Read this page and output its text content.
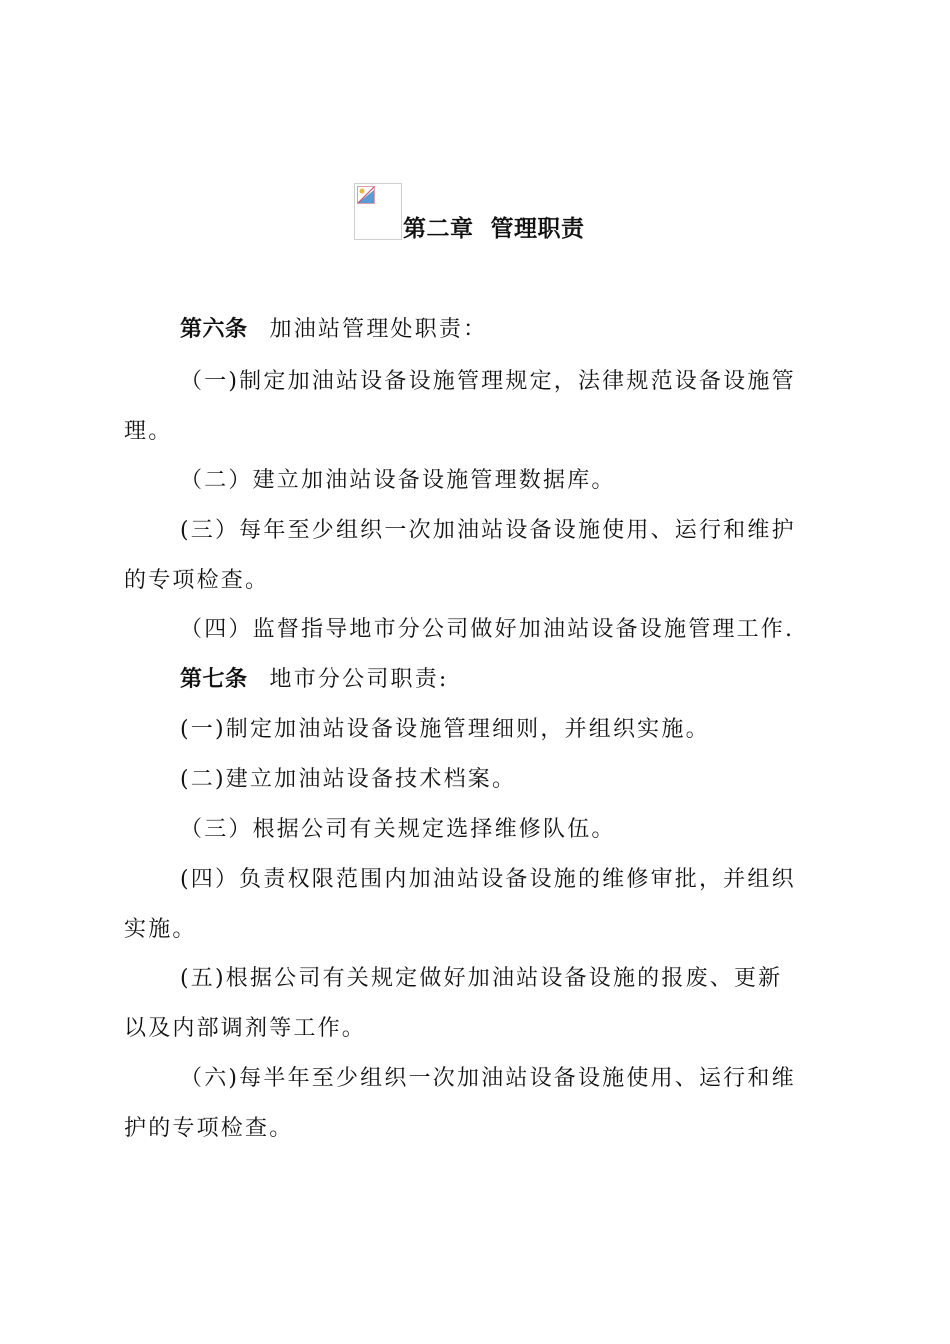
第二章  管理职责
第六条 加油站管理处职责：
（一)制定加油站设备设施管理规定，法律规范设备设施管
理。
（二）建立加油站设备设施管理数据库。
(三）每年至少组织一次加油站设备设施使用、运行和维护
的专项检查。
（四）监督指导地市分公司做好加油站设备设施管理工作.
第七条 地市分公司职责:
(一)制定加油站设备设施管理细则，并组织实施。
(二)建立加油站设备技术档案。
（三）根据公司有关规定选择维修队伍。
(四）负责权限范围内加油站设备设施的维修审批，并组织
实施。
(五)根据公司有关规定做好加油站设备设施的报废、更新
以及内部调剂等工作。
（六)每半年至少组织一次加油站设备设施使用、运行和维
护的专项检查。
